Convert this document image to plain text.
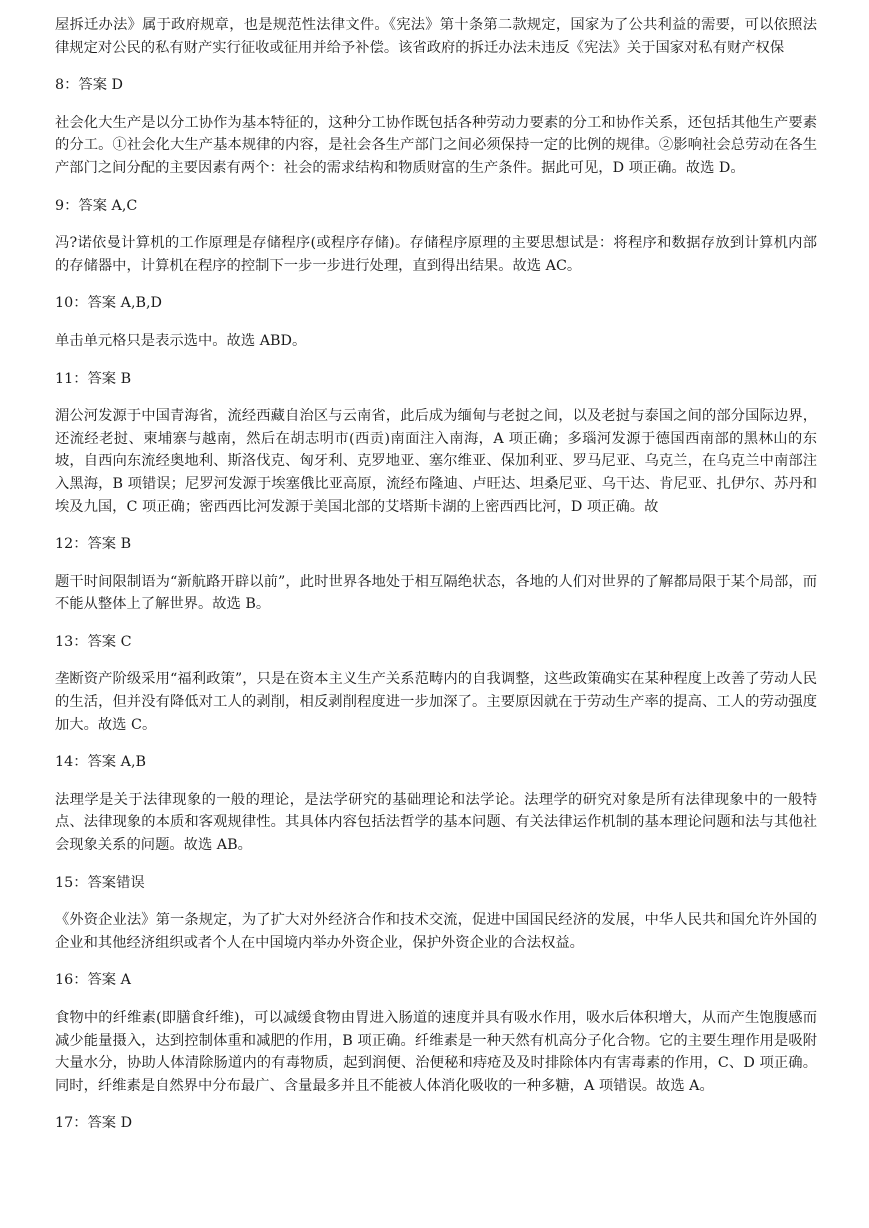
屋拆迁办法》属于政府规章，也是规范性法律文件。《宪法》第十条第二款规定，国家为了公共利益的需要，可以依照法律规定对公民的私有财产实行征收或征用并给予补偿。该省政府的拆迁办法未违反《宪法》关于国家对私有财产权保

8：答案 D

社会化大生产是以分工协作为基本特征的，这种分工协作既包括各种劳动力要素的分工和协作关系，还包括其他生产要素的分工。①社会化大生产基本规律的内容，是社会各生产部门之间必须保持一定的比例的规律。②影响社会总劳动在各生产部门之间分配的主要因素有两个：社会的需求结构和物质财富的生产条件。据此可见，D 项正确。故选 D。

9：答案 A,C

冯?诺依曼计算机的工作原理是存储程序(或程序存储)。存储程序原理的主要思想试是：将程序和数据存放到计算机内部的存储器中，计算机在程序的控制下一步一步进行处理，直到得出结果。故选 AC。

10：答案 A,B,D

单击单元格只是表示选中。故选 ABD。

11：答案 B

湄公河发源于中国青海省，流经西藏自治区与云南省，此后成为缅甸与老挝之间，以及老挝与泰国之间的部分国际边界，还流经老挝、柬埔寨与越南，然后在胡志明市(西贡)南面注入南海，A 项正确；多瑙河发源于德国西南部的黑林山的东坡，自西向东流经奥地利、斯洛伐克、匈牙利、克罗地亚、塞尔维亚、保加利亚、罗马尼亚、乌克兰，在乌克兰中南部注入黑海，B 项错误；尼罗河发源于埃塞俄比亚高原，流经布隆迪、卢旺达、坦桑尼亚、乌干达、肯尼亚、扎伊尔、苏丹和埃及九国，C 项正确；密西西比河发源于美国北部的艾塔斯卡湖的上密西西比河，D 项正确。故

12：答案 B

题干时间限制语为“新航路开辟以前”，此时世界各地处于相互隔绝状态，各地的人们对世界的了解都局限于某个局部，而不能从整体上了解世界。故选 B。

13：答案 C

垄断资产阶级采用“福利政策”，只是在资本主义生产关系范畴内的自我调整，这些政策确实在某种程度上改善了劳动人民的生活，但并没有降低对工人的剥削，相反剥削程度进一步加深了。主要原因就在于劳动生产率的提高、工人的劳动强度加大。故选 C。

14：答案 A,B

法理学是关于法律现象的一般的理论，是法学研究的基础理论和法学论。法理学的研究对象是所有法律现象中的一般特点、法律现象的本质和客观规律性。其具体内容包括法哲学的基本问题、有关法律运作机制的基本理论问题和法与其他社会现象关系的问题。故选 AB。

15：答案错误

《外资企业法》第一条规定，为了扩大对外经济合作和技术交流，促进中国国民经济的发展，中华人民共和国允许外国的企业和其他经济组织或者个人在中国境内举办外资企业，保护外资企业的合法权益。

16：答案 A

食物中的纤维素(即膳食纤维)，可以减缓食物由胃进入肠道的速度并具有吸水作用，吸水后体积增大，从而产生饱腹感而减少能量摄入，达到控制体重和减肥的作用，B 项正确。纤维素是一种天然有机高分子化合物。它的主要生理作用是吸附大量水分，协助人体清除肠道内的有毒物质，起到润便、治便秘和痔疮及及时排除体内有害毒素的作用，C、D 项正确。同时，纤维素是自然界中分布最广、含量最多并且不能被人体消化吸收的一种多糖，A 项错误。故选 A。

17：答案 D
